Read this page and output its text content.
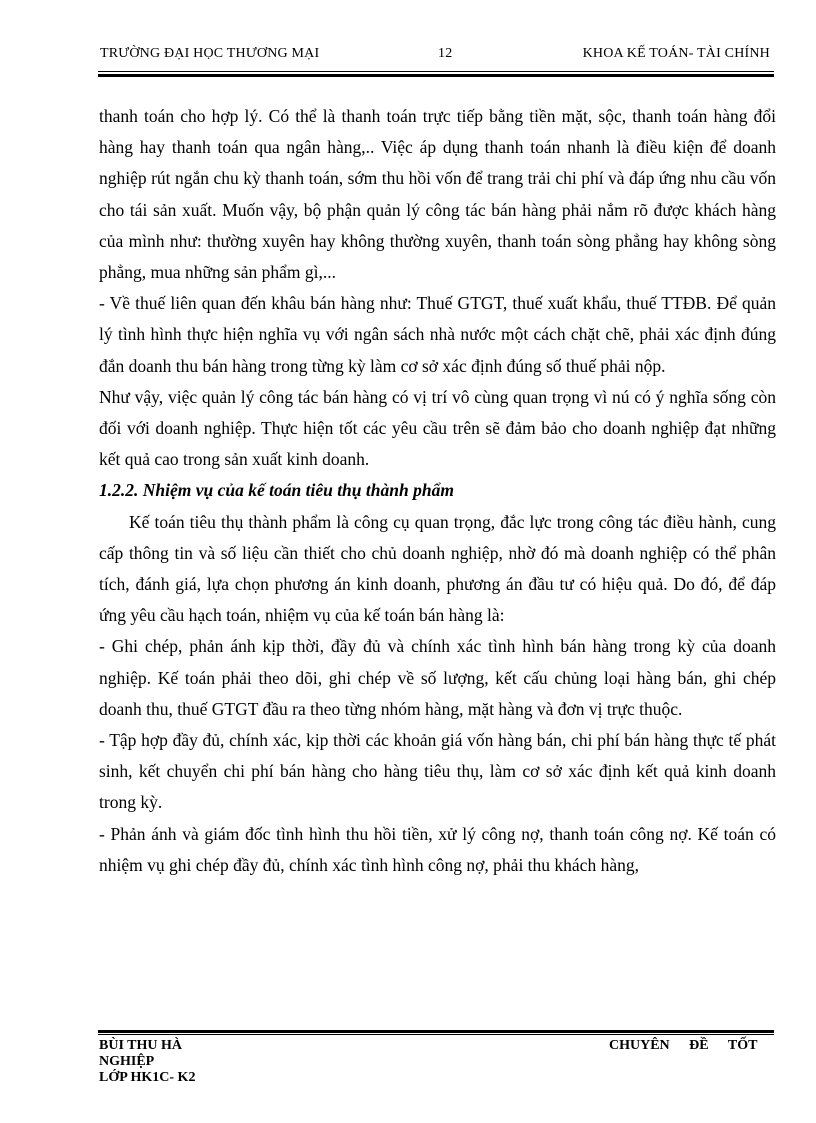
TRƯỜNG ĐẠI HỌC THƯƠNG MẠI	12	KHOA KẾ TOÁN- TÀI CHÍNH

thanh toán cho hợp lý. Có thể là thanh toán trực tiếp bằng tiền mặt, sộc, thanh toán hàng đổi hàng hay thanh toán qua ngân hàng,.. Việc áp dụng thanh toán nhanh là điều kiện để doanh nghiệp rút ngắn chu kỳ thanh toán, sớm thu hồi vốn để trang trải chi phí và đáp ứng nhu cầu vốn cho tái sản xuất. Muốn vậy, bộ phận quản lý công tác bán hàng phải nắm rõ được khách hàng của mình như: thường xuyên hay không thường xuyên, thanh toán sòng phẳng hay không sòng phẳng, mua những sản phẩm gì,...

- Về thuế liên quan đến khâu bán hàng như: Thuế GTGT, thuế xuất khẩu, thuế TTĐB. Để quản lý tình hình thực hiện nghĩa vụ với ngân sách nhà nước một cách chặt chẽ, phải xác định đúng đắn doanh thu bán hàng trong từng kỳ làm cơ sở xác định đúng số thuế phải nộp.

Như vậy, việc quản lý công tác bán hàng có vị trí vô cùng quan trọng vì nú có ý nghĩa sống còn đối với doanh nghiệp. Thực hiện tốt các yêu cầu trên sẽ đảm bảo cho doanh nghiệp đạt những kết quả cao trong sản xuất kinh doanh.

1.2.2. Nhiệm vụ của kế toán tiêu thụ thành phẩm

Kế toán tiêu thụ thành phẩm là công cụ quan trọng, đắc lực trong công tác điều hành, cung cấp thông tin và số liệu cần thiết cho chủ doanh nghiệp, nhờ đó mà doanh nghiệp có thể phân tích, đánh giá, lựa chọn phương án kinh doanh, phương án đầu tư có hiệu quả. Do đó, để đáp ứng yêu cầu hạch toán, nhiệm vụ của kế toán bán hàng là:

- Ghi chép, phản ánh kịp thời, đầy đủ và chính xác tình hình bán hàng trong kỳ của doanh nghiệp. Kế toán phải theo dõi, ghi chép về số lượng, kết cấu chủng loại hàng bán, ghi chép doanh thu, thuế GTGT đầu ra theo từng nhóm hàng, mặt hàng và đơn vị trực thuộc.

- Tập hợp đầy đủ, chính xác, kịp thời các khoản giá vốn hàng bán, chi phí bán hàng thực tế phát sinh, kết chuyển chi phí bán hàng cho hàng tiêu thụ, làm cơ sở xác định kết quả kinh doanh trong kỳ.

- Phản ánh và giám đốc tình hình thu hồi tiền, xử lý công nợ, thanh toán công nợ. Kế toán có nhiệm vụ ghi chép đầy đủ, chính xác tình hình công nợ, phải thu khách hàng,

BÙI THU HÀ
NGHIỆP
LỚP HK1C- K2
CHUYÊN ĐỀ TỐT
